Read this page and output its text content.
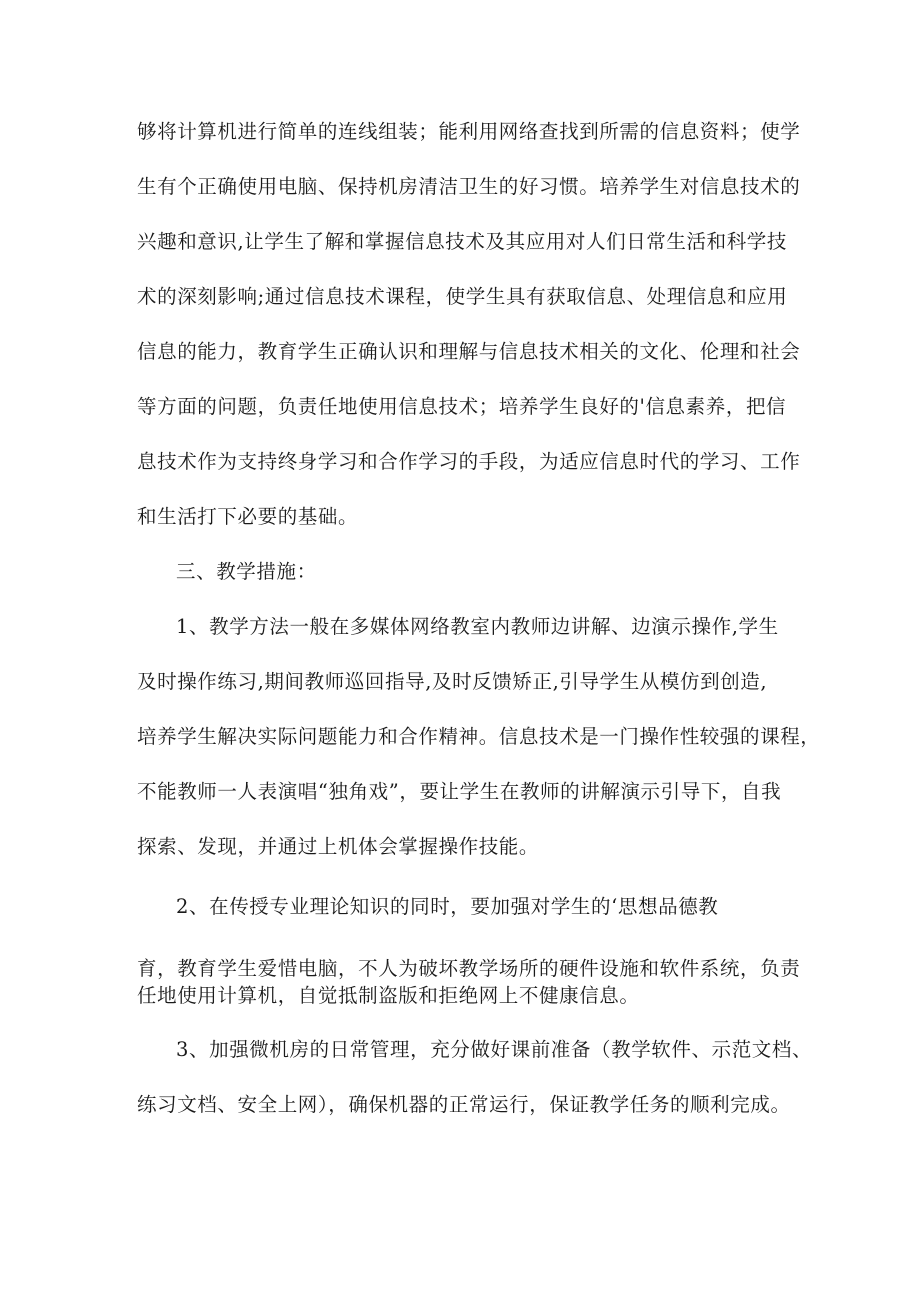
够将计算机进行简单的连线组装；能利用网络查找到所需的信息资料；使学
生有个正确使用电脑、保持机房清洁卫生的好习惯。培养学生对信息技术的
兴趣和意识,让学生了解和掌握信息技术及其应用对人们日常生活和科学技
术的深刻影响;通过信息技术课程，使学生具有获取信息、处理信息和应用
信息的能力，教育学生正确认识和理解与信息技术相关的文化、伦理和社会
等方面的问题，负责任地使用信息技术；培养学生良好的'信息素养，把信
息技术作为支持终身学习和合作学习的手段，为适应信息时代的学习、工作
和生活打下必要的基础。
三、教学措施：
1、教学方法一般在多媒体网络教室内教师边讲解、边演示操作,学生
及时操作练习,期间教师巡回指导,及时反馈矫正,引导学生从模仿到创造,
培养学生解决实际问题能力和合作精神。信息技术是一门操作性较强的课程，
不能教师一人表演唱“独角戏”，要让学生在教师的讲解演示引导下，自我
探索、发现，并通过上机体会掌握操作技能。
2、在传授专业理论知识的同时，要加强对学生的‘思想品德教
育，教育学生爱惜电脑，不人为破坏教学场所的硬件设施和软件系统，负责
任地使用计算机，自觉抵制盗版和拒绝网上不健康信息。
3、加强微机房的日常管理，充分做好课前准备（教学软件、示范文档、
练习文档、安全上网），确保机器的正常运行，保证教学任务的顺利完成。
